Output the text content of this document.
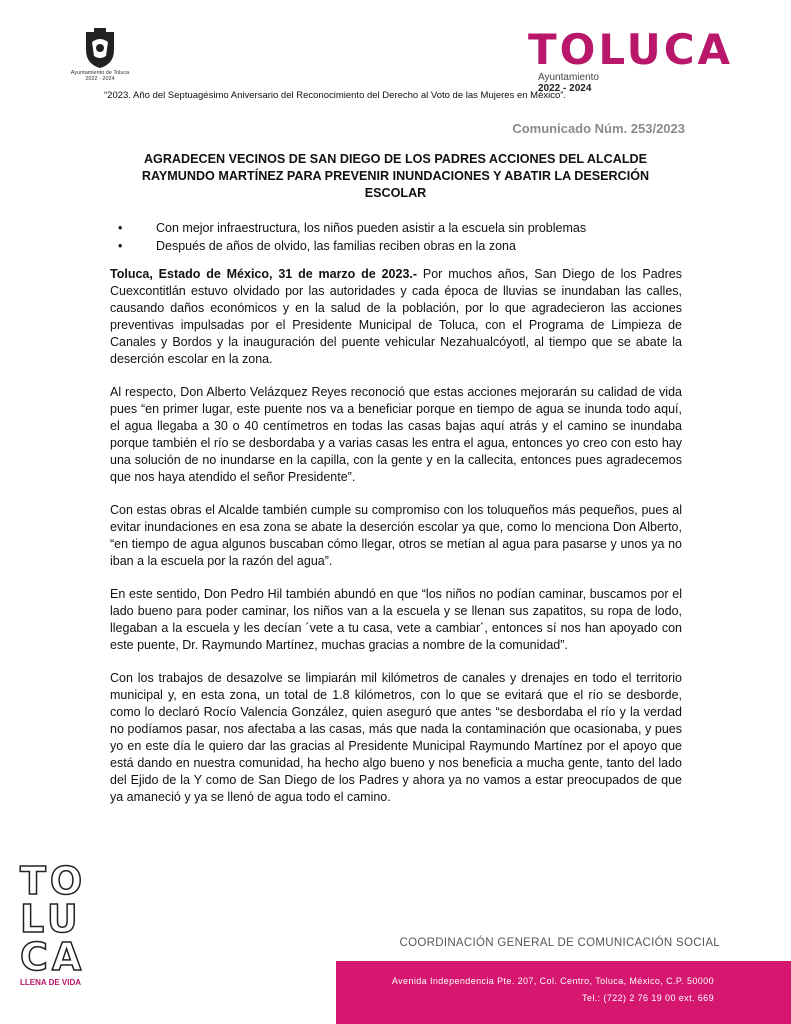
Ayuntamiento de Toluca
2022 - 2024
TOLUCA
Ayuntamiento
2022 - 2024
“2023. Año del Septuagésimo Aniversario del Reconocimiento del Derecho al Voto de las Mujeres en México”.
Comunicado Núm. 253/2023
AGRADECEN VECINOS DE SAN DIEGO DE LOS PADRES ACCIONES DEL ALCALDE RAYMUNDO MARTÍNEZ PARA PREVENIR INUNDACIONES Y ABATIR LA DESERCIÓN ESCOLAR
•	Con mejor infraestructura, los niños pueden asistir a la escuela sin problemas
•	Después de años de olvido, las familias reciben obras en la zona

Toluca, Estado de México, 31 de marzo de 2023.- Por muchos años, San Diego de los Padres Cuexcontitlán estuvo olvidado por las autoridades y cada época de lluvias se inundaban las calles, causando daños económicos y en la salud de la población, por lo que agradecieron las acciones preventivas impulsadas por el Presidente Municipal de Toluca, con el Programa de Limpieza de Canales y Bordos y la inauguración del puente vehicular Nezahualcóyotl, al tiempo que se abate la deserción escolar en la zona.

Al respecto, Don Alberto Velázquez Reyes reconoció que estas acciones mejorarán su calidad de vida pues “en primer lugar, este puente nos va a beneficiar porque en tiempo de agua se inunda todo aquí, el agua llegaba a 30 o 40 centímetros en todas las casas bajas aquí atrás y el camino se inundaba porque también el río se desbordaba y a varias casas les entra el agua, entonces yo creo con esto hay una solución de no inundarse en la capilla, con la gente y en la callecita, entonces pues agradecemos que nos haya atendido el señor Presidente”.

Con estas obras el Alcalde también cumple su compromiso con los toluqueños más pequeños, pues al evitar inundaciones en esa zona se abate la deserción escolar ya que, como lo menciona Don Alberto, “en tiempo de agua algunos buscaban cómo llegar, otros se metían al agua para pasarse y unos ya no iban a la escuela por la razón del agua”.

En este sentido, Don Pedro Hil también abundó en que “los niños no podían caminar, buscamos por el lado bueno para poder caminar, los niños van a la escuela y se llenan sus zapatitos, su ropa de lodo, llegaban a la escuela y les decían ´vete a tu casa, vete a cambiar´, entonces sí nos han apoyado con este puente, Dr. Raymundo Martínez, muchas gracias a nombre de la comunidad”.

Con los trabajos de desazolve se limpiarán mil kilómetros de canales y drenajes en todo el territorio municipal y, en esta zona, un total de 1.8 kilómetros, con lo que se evitará que el río se desborde, como lo declaró Rocío Valencia González, quien aseguró que antes “se desbordaba el río y la verdad no podíamos pasar, nos afectaba a las casas, más que nada la contaminación que ocasionaba, y pues yo en este día le quiero dar las gracias al Presidente Municipal Raymundo Martínez por el apoyo que está dando en nuestra comunidad, ha hecho algo bueno y nos beneficia a mucha gente, tanto del lado del Ejido de la Y como de San Diego de los Padres y ahora ya no vamos a estar preocupados de que ya amaneció y ya se llenó de agua todo el camino.

TO
LU
CA
LLENA DE VIDA
COORDINACIÓN GENERAL DE COMUNICACIÓN SOCIAL
Avenida Independencia Pte. 207, Col. Centro, Toluca, México, C.P. 50000
Tel.: (722) 2 76 19 00 ext. 669
